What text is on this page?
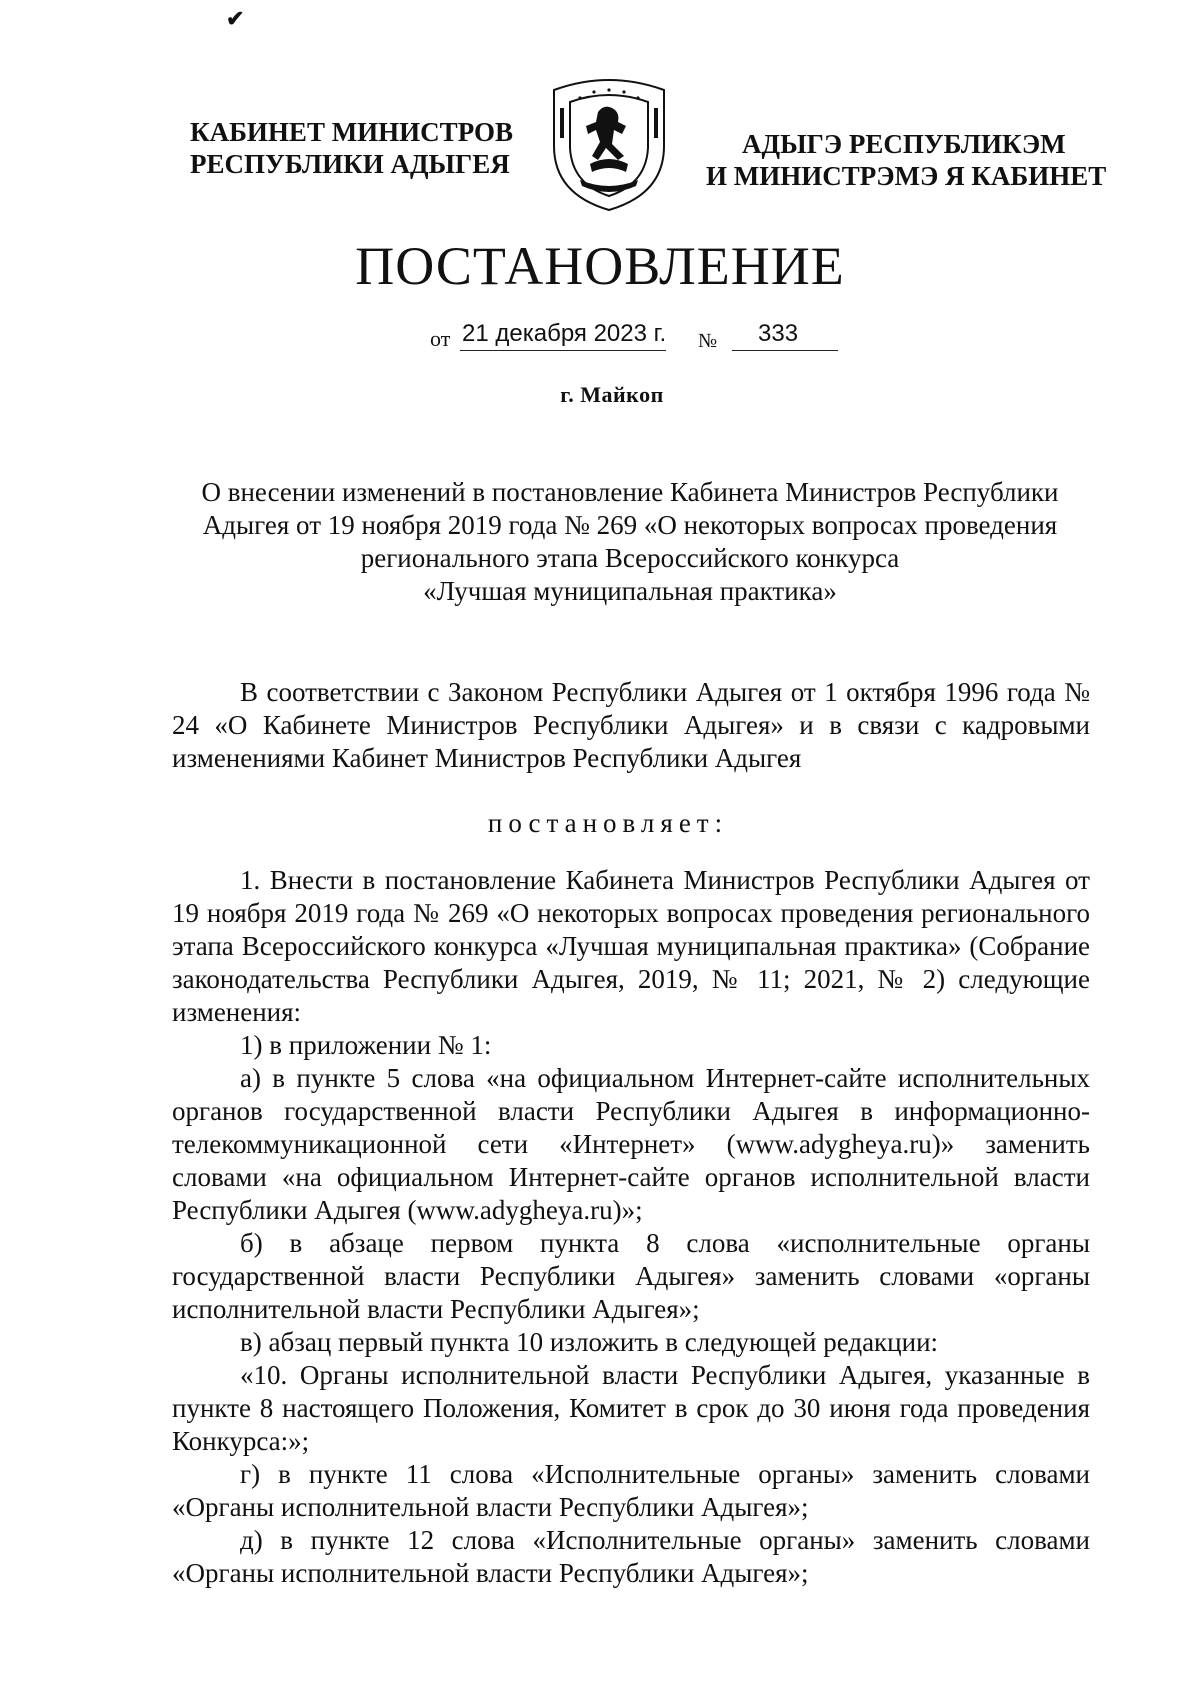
✔
КАБИНЕТ МИНИСТРОВ
РЕСПУБЛИКИ АДЫГЕЯ
АДЫГЭ РЕСПУБЛИКЭМ
И МИНИСТРЭМЭ Я КАБИНЕТ
ПОСТАНОВЛЕНИЕ
от 21 декабря 2023 г. № 333
г. Майкоп
О внесении изменений в постановление Кабинета Министров Республики
Адыгея от 19 ноября 2019 года № 269 «О некоторых вопросах проведения
регионального этапа Всероссийского конкурса
«Лучшая муниципальная практика»

В соответствии с Законом Республики Адыгея от 1 октября 1996 года № 24 «О Кабинете Министров Республики Адыгея» и в связи с кадровыми изменениями Кабинет Министров Республики Адыгея

постановляет:

1. Внести в постановление Кабинета Министров Республики Адыгея от 19 ноября 2019 года № 269 «О некоторых вопросах проведения регионального этапа Всероссийского конкурса «Лучшая муниципальная практика» (Собрание законодательства Республики Адыгея, 2019, № 11; 2021, № 2) следующие изменения:

1) в приложении № 1:

а) в пункте 5 слова «на официальном Интернет-сайте исполнительных органов государственной власти Республики Адыгея в информационно-телекоммуникационной сети «Интернет» (www.adygheya.ru)» заменить словами «на официальном Интернет-сайте органов исполнительной власти Республики Адыгея (www.adygheya.ru)»;

б) в абзаце первом пункта 8 слова «исполнительные органы государственной власти Республики Адыгея» заменить словами «органы исполнительной власти Республики Адыгея»;

в) абзац первый пункта 10 изложить в следующей редакции:

«10. Органы исполнительной власти Республики Адыгея, указанные в пункте 8 настоящего Положения, Комитет в срок до 30 июня года проведения Конкурса:»;

г) в пункте 11 слова «Исполнительные органы» заменить словами «Органы исполнительной власти Республики Адыгея»;

д) в пункте 12 слова «Исполнительные органы» заменить словами «Органы исполнительной власти Республики Адыгея»;
